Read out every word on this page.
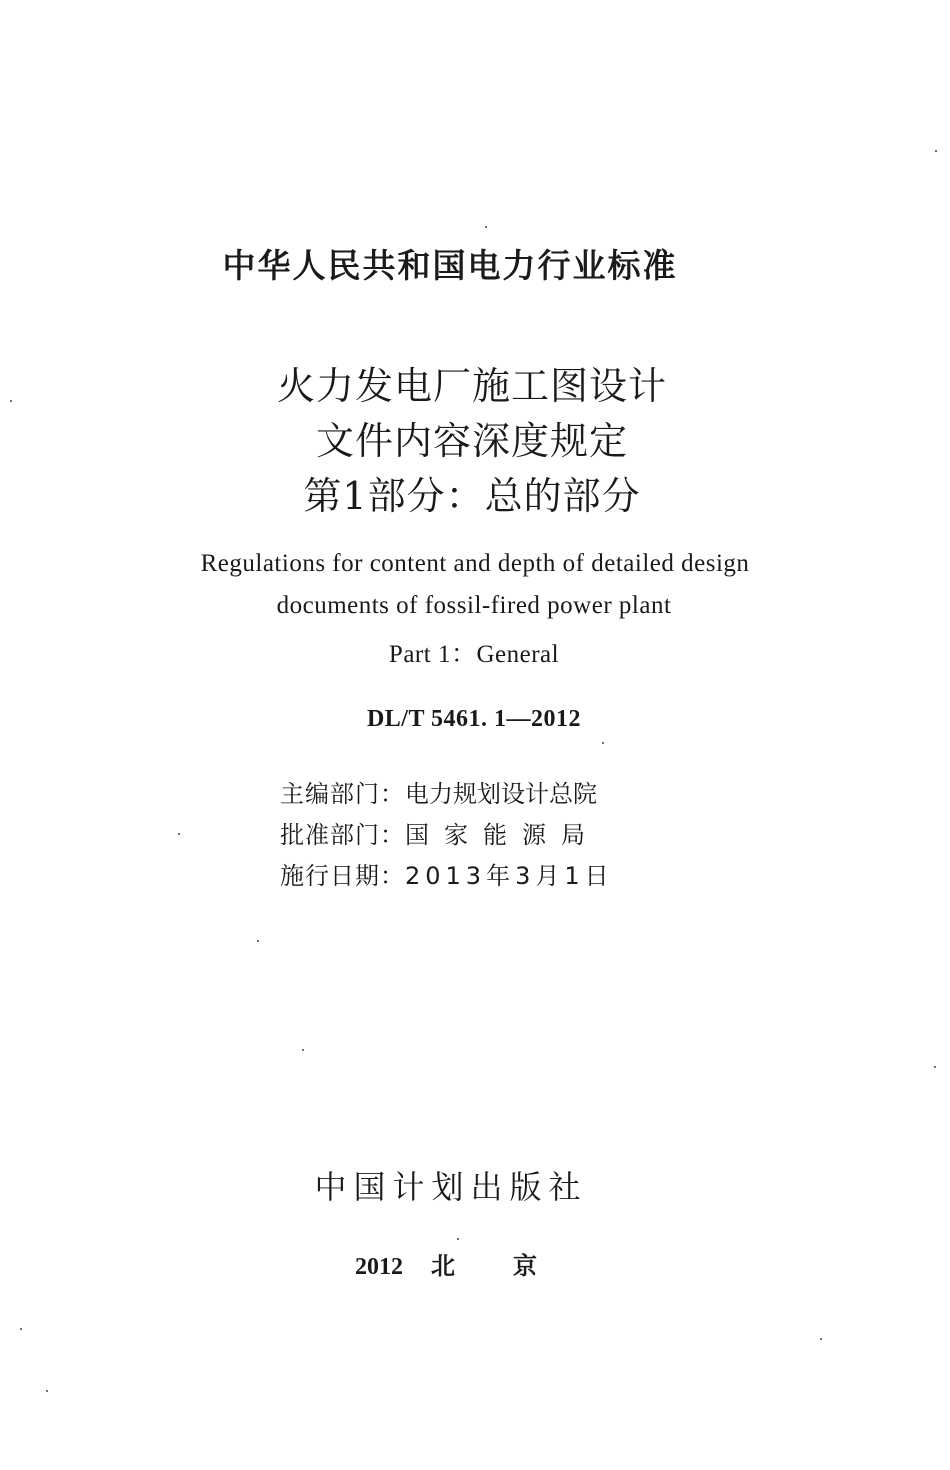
中华人民共和国电力行业标准
火力发电厂施工图设计
文件内容深度规定
第1部分：总的部分
Regulations for content and depth of detailed design
documents of fossil-fired power plant
Part 1：General
DL/T 5461. 1—2012
主编部门：电力规划设计总院
批准部门：国家能源局
施行日期：2013年3月1日
中国计划出版社
2012 北京
